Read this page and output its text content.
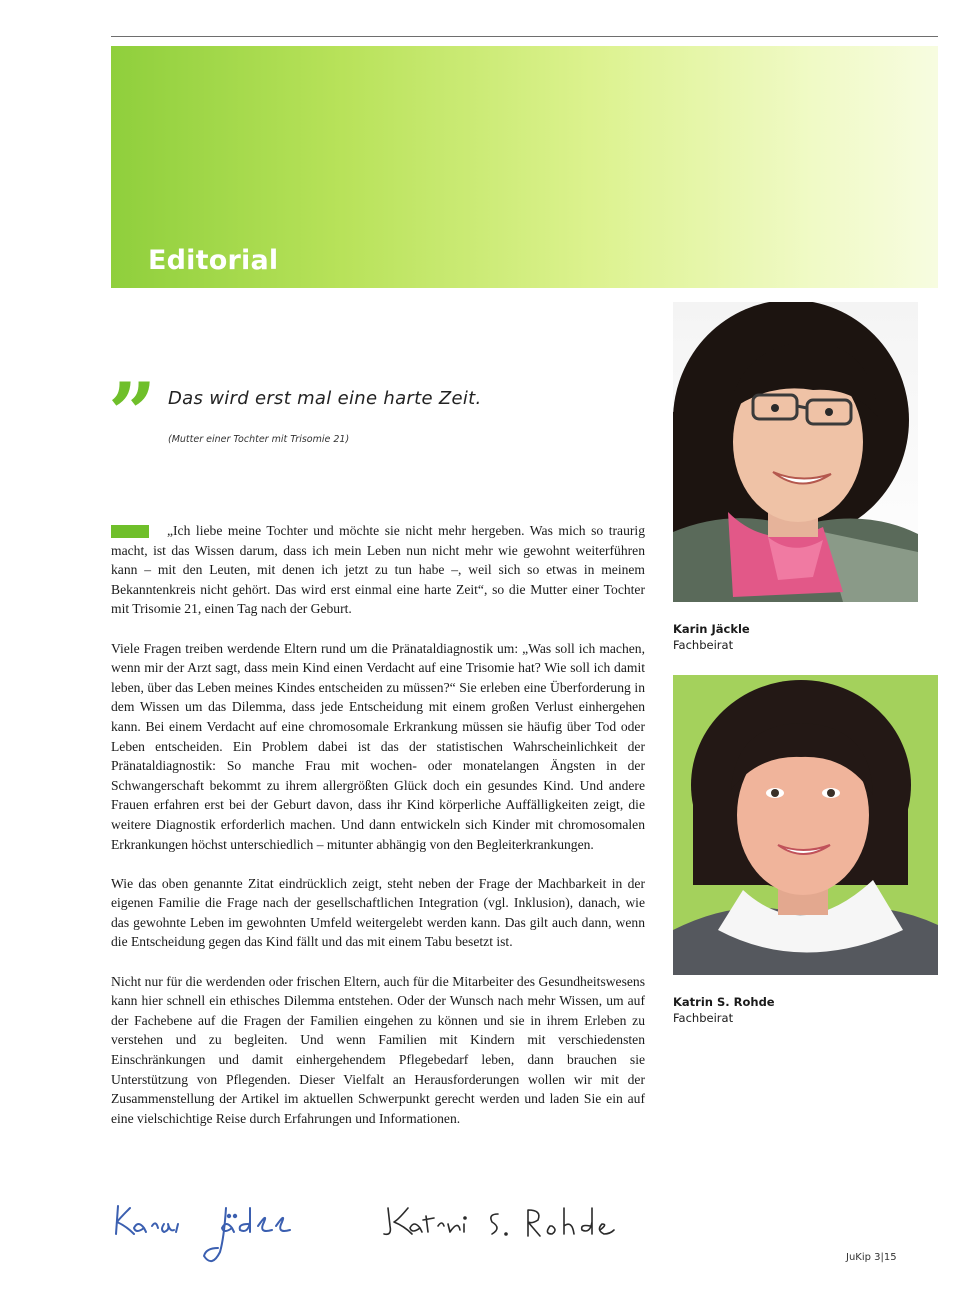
Editorial
” Das wird erst mal eine harte Zeit.
(Mutter einer Tochter mit Trisomie 21)

„Ich liebe meine Tochter und möchte sie nicht mehr hergeben. Was mich so traurig macht, ist das Wissen darum, dass ich mein Leben nun nicht mehr wie gewohnt weiterführen kann – mit den Leuten, mit denen ich jetzt zu tun habe –, weil sich so etwas in meinem Bekanntenkreis nicht gehört. Das wird erst einmal eine harte Zeit“, so die Mutter einer Tochter mit Trisomie 21, einen Tag nach der Geburt.

Viele Fragen treiben werdende Eltern rund um die Pränataldiagnostik um: „Was soll ich machen, wenn mir der Arzt sagt, dass mein Kind einen Verdacht auf eine Trisomie hat? Wie soll ich damit leben, über das Leben meines Kindes entscheiden zu müssen?“ Sie erleben eine Überforderung in dem Wissen um das Dilemma, dass jede Entscheidung mit einem großen Verlust einhergehen kann. Bei einem Verdacht auf eine chromosomale Erkrankung müssen sie häufig über Tod oder Leben entscheiden. Ein Problem dabei ist das der statistischen Wahrscheinlichkeit der Pränataldiagnostik: So manche Frau mit wochen- oder monatelangen Ängsten in der Schwangerschaft bekommt zu ihrem allergrößten Glück doch ein gesundes Kind. Und andere Frauen erfahren erst bei der Geburt davon, dass ihr Kind körperliche Auffälligkeiten zeigt, die weitere Diagnostik erforderlich machen. Und dann entwickeln sich Kinder mit chromosomalen Erkrankungen höchst unterschiedlich – mitunter abhängig von den Begleiterkrankungen.

Wie das oben genannte Zitat eindrücklich zeigt, steht neben der Frage der Machbarkeit in der eigenen Familie die Frage nach der gesellschaftlichen Integration (vgl. Inklusion), danach, wie das gewohnte Leben im gewohnten Umfeld weitergelebt werden kann. Das gilt auch dann, wenn die Entscheidung gegen das Kind fällt und das mit einem Tabu besetzt ist.

Nicht nur für die werdenden oder frischen Eltern, auch für die Mitarbeiter des Gesundheitswesens kann hier schnell ein ethisches Dilemma entstehen. Oder der Wunsch nach mehr Wissen, um auf der Fachebene auf die Fragen der Familien eingehen zu können und sie in ihrem Erleben zu verstehen und zu begleiten. Und wenn Familien mit Kindern mit verschiedensten Einschränkungen und damit einhergehendem Pflegebedarf leben, dann brauchen sie Unterstützung von Pflegenden. Dieser Vielfalt an Herausforderungen wollen wir mit der Zusammenstellung der Artikel im aktuellen Schwerpunkt gerecht werden und laden Sie ein auf eine vielschichtige Reise durch Erfahrungen und Informationen.

Karin Jäckle
Fachbeirat
Katrin S. Rohde
Fachbeirat
JuKip 3|15
